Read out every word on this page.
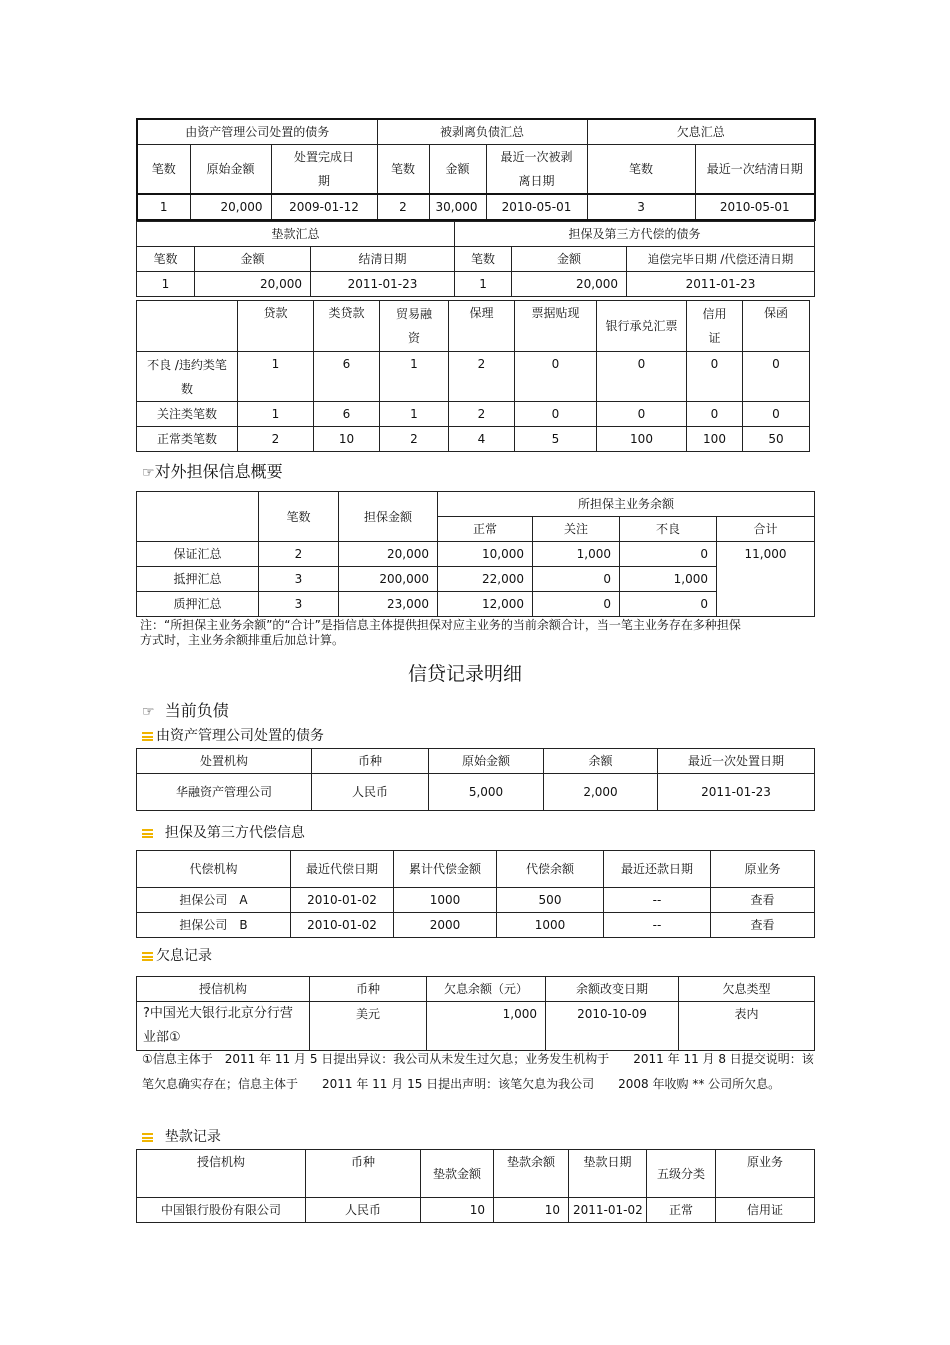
由资产管理公司处置的债务			被剥离负债汇总			欠息汇总	
笔数	原始金额	处置完成日期	笔数	金额	最近一次被剥离日期	笔数	最近一次结清日期
1	20,000	2009-01-12	2	30,000	2010-05-01	3	2010-05-01
垫款汇总			担保及第三方代偿的债务		
笔数	金额	结清日期	笔数	金额	追偿完毕日期 /代偿还清日期
1	20,000	2011-01-23	1	20,000	2011-01-23
	贷款	类贷款	贸易融资	保理	票据贴现	银行承兑汇票	信用证	保函
不良 /违约类笔数	1	6	1	2	0	0	0	0
关注类笔数	1	6	1	2	0	0	0	0
正常类笔数	2	10	2	4	5	100	100	50
☞对外担保信息概要
	笔数	担保金额	所担保主业务余额			
			正常	关注	不良	合计
保证汇总	2	20,000	10,000	1,000	0	11,000
抵押汇总	3	200,000	22,000	0	1,000	
质押汇总	3	23,000	12,000	0	0	
注：“所担保主业务余额”的“合计”是指信息主体提供担保对应主业务的当前余额合计，当一笔主业务存在多种担保方式时，主业务余额排重后加总计算。
信贷记录明细
☞ 当前负债
由资产管理公司处置的债务
处置机构	币种	原始金额	余额	最近一次处置日期
华融资产管理公司	人民币	5,000	2,000	2011-01-23
担保及第三方代偿信息
代偿机构	最近代偿日期	累计代偿金额	代偿余额	最近还款日期	原业务
担保公司　A	2010-01-02	1000	500	--	查看
担保公司　B	2010-01-02	2000	1000	--	查看
欠息记录
授信机构	币种	欠息余额（元）	余额改变日期	欠息类型
?中国光大银行北京分行营业部①	美元	1,000	2010-10-09	表内
①信息主体于　2011 年 11 月 5 日提出异议：我公司从未发生过欠息；业务发生机构于　　2011 年 11 月 8 日提交说明：该笔欠息确实存在；信息主体于　　2011 年 11 月 15 日提出声明：该笔欠息为我公司　　2008 年收购 ** 公司所欠息。
垫款记录
授信机构	币种	垫款金额	垫款余额	垫款日期	五级分类	原业务
中国银行股份有限公司	人民币	10	10	2011-01-02	正常	信用证
